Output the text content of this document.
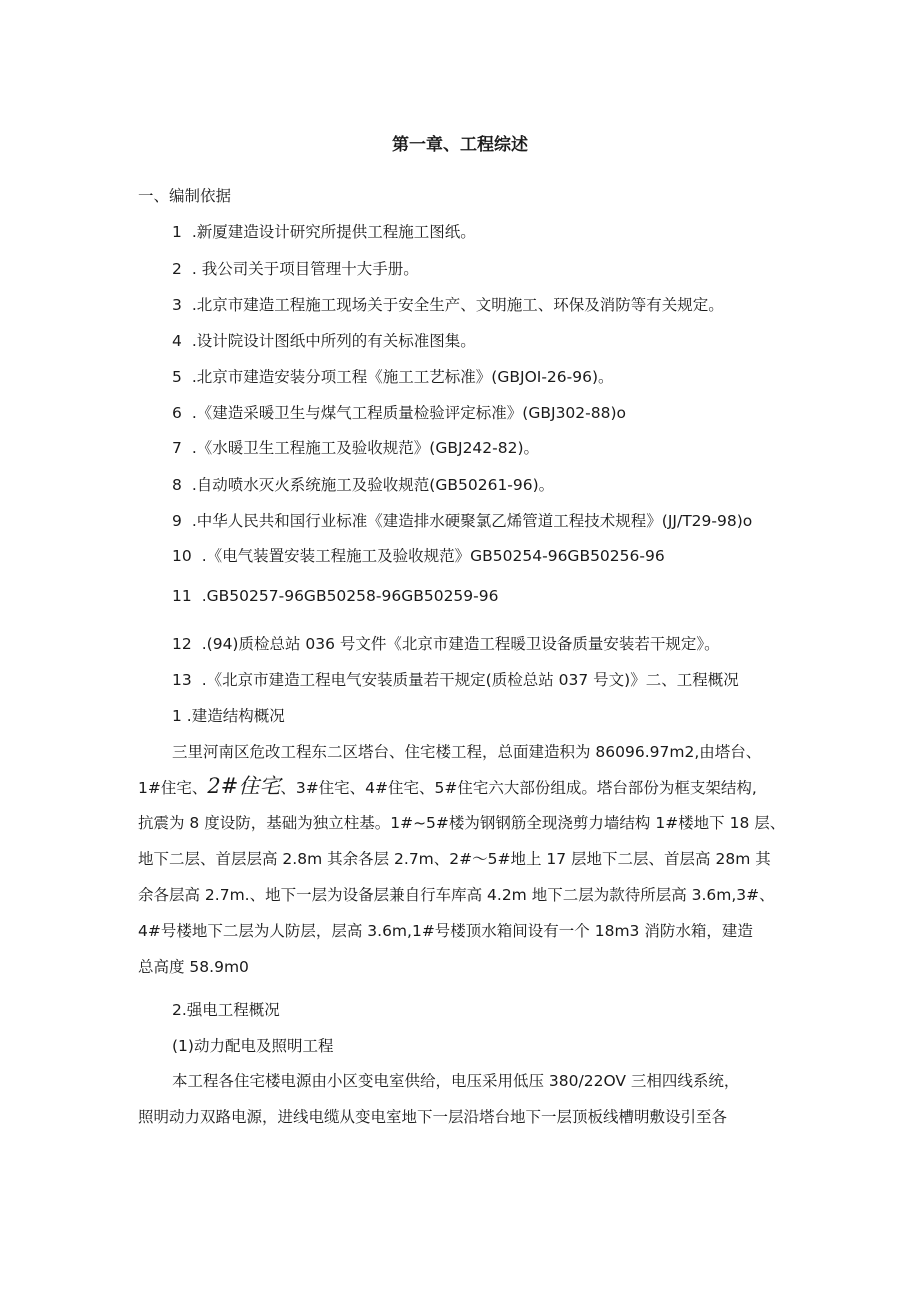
第一章、工程综述

一、编制依据

1 .新厦建造设计研究所提供工程施工图纸。

2 . 我公司关于项目管理十大手册。

3 .北京市建造工程施工现场关于安全生产、文明施工、环保及消防等有关规定。

4 .设计院设计图纸中所列的有关标准图集。

5 .北京市建造安装分项工程《施工工艺标准》(GBJOI-26-96)。

6 .《建造采暖卫生与煤气工程质量检验评定标准》(GBJ302-88)o

7 .《水暖卫生工程施工及验收规范》(GBJ242-82)。

8 .自动喷水灭火系统施工及验收规范(GB50261-96)。

9 .中华人民共和国行业标准《建造排水硬聚氯乙烯管道工程技术规程》(JJ/T29-98)o

10 .《电气装置安装工程施工及验收规范》GB50254-96GB50256-96

11 .GB50257-96GB50258-96GB50259-96

12 .(94)质检总站 036 号文件《北京市建造工程暖卫设备质量安装若干规定》。

13 .《北京市建造工程电气安装质量若干规定(质检总站 037 号文)》二、工程概况

1 .建造结构概况

三里河南区危改工程东二区塔台、住宅楼工程，总面建造积为 86096.97m2,由塔台、

1#住宅、2#住宅、3#住宅、4#住宅、5#住宅六大部份组成。塔台部份为框支架结构,

抗震为 8 度设防，基础为独立柱基。1#~5#楼为钢钢筋全现浇剪力墙结构 1#楼地下 18 层、

地下二层、首层层高 2.8m 其余各层 2.7m、2#～5#地上 17 层地下二层、首层高 28m 其

余各层高 2.7m.、地下一层为设备层兼自行车库高 4.2m 地下二层为款待所层高 3.6m,3#、

4#号楼地下二层为人防层，层高 3.6m,1#号楼顶水箱间设有一个 18m3 消防水箱，建造

总高度 58.9m0

2.强电工程概况

(1)动力配电及照明工程

本工程各住宅楼电源由小区变电室供给，电压采用低压 380/22OV 三相四线系统，

照明动力双路电源，进线电缆从变电室地下一层沿塔台地下一层顶板线槽明敷设引至各
